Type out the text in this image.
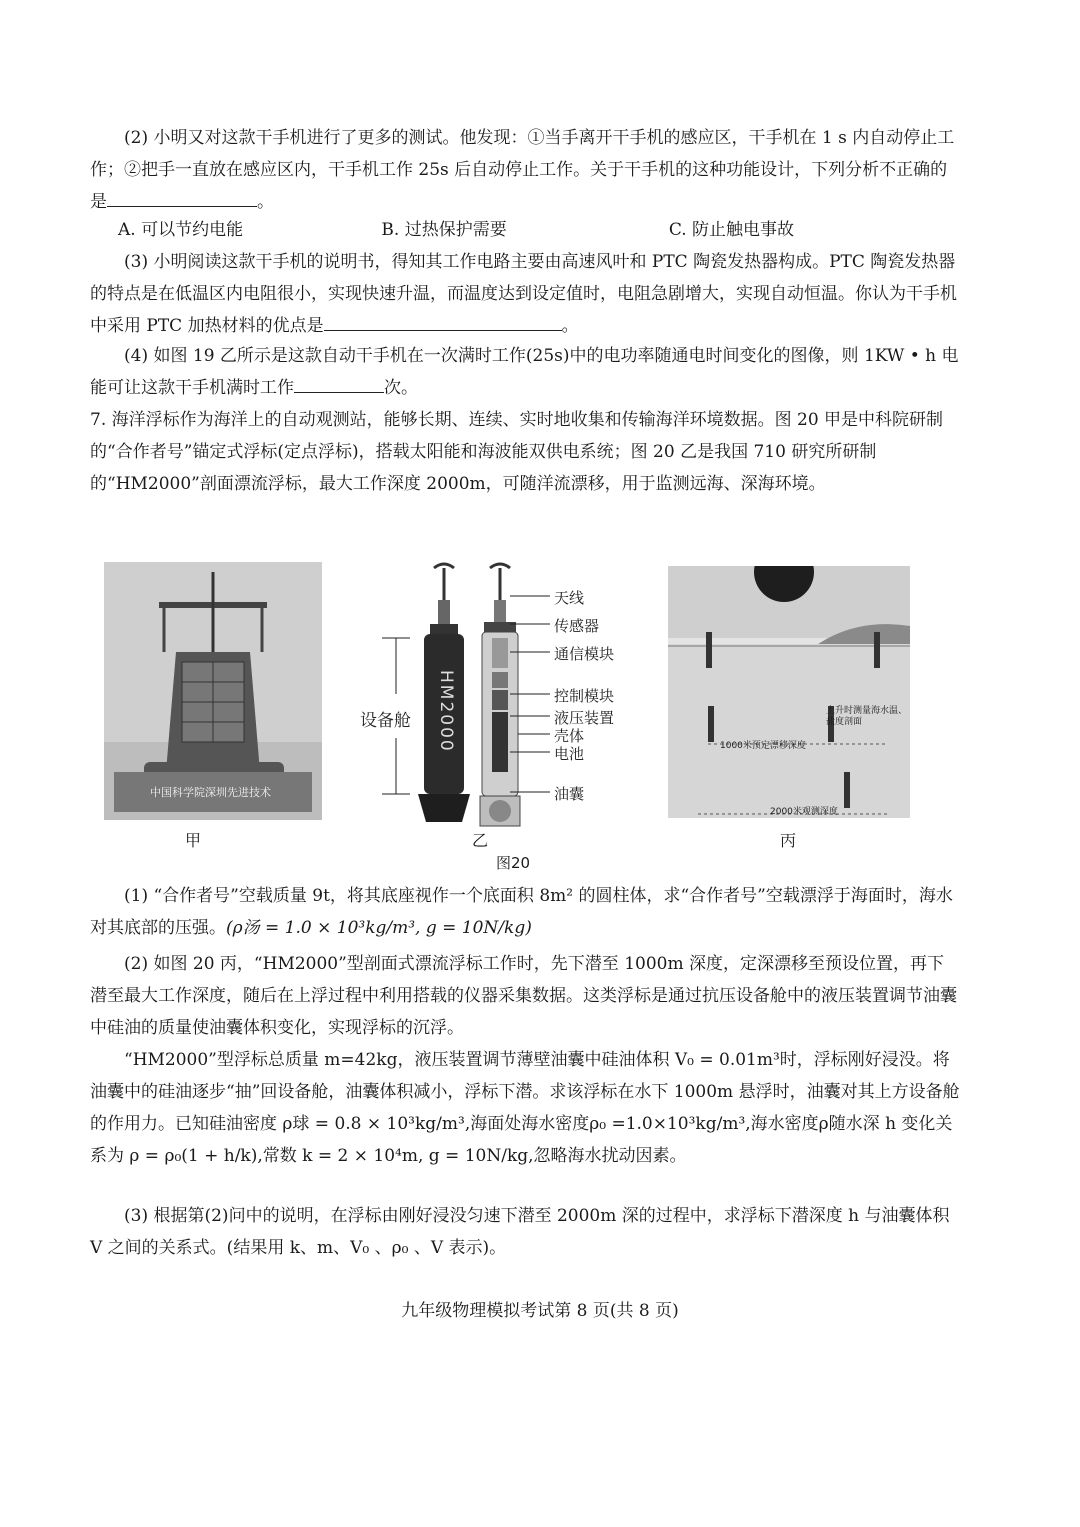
(2) 小明又对这款干手机进行了更多的测试。他发现：①当手离开干手机的感应区，干手机在 1 s 内自动停止工作；②把手一直放在感应区内，干手机工作 25s 后自动停止工作。关于干手机的这种功能设计，下列分析不正确的是	。

A. 可以节约电能	B. 过热保护需要	C. 防止触电事故

(3) 小明阅读这款干手机的说明书，得知其工作电路主要由高速风叶和 PTC 陶瓷发热器构成。PTC 陶瓷发热器的特点是在低温区内电阻很小，实现快速升温，而温度达到设定值时，电阻急剧增大，实现自动恒温。你认为干手机中采用 PTC 加热材料的优点是	。

(4) 如图 19 乙所示是这款自动干手机在一次满时工作(25s)中的电功率随通电时间变化的图像，则 1KW • h 电能可让这款干手机满时工作	次。

7. 海洋浮标作为海洋上的自动观测站，能够长期、连续、实时地收集和传输海洋环境数据。图 20 甲是中科院研制的“合作者号”锚定式浮标(定点浮标)，搭载太阳能和海波能双供电系统；图 20 乙是我国 710 研究所研制的“HM2000”剖面漂流浮标，最大工作深度 2000m，可随洋流漂移，用于监测远海、深海环境。

中国科学院深圳先进技术
甲
HM2000
设备舱
天线
传感器
通信模块
控制模块
液压装置
壳体
电池
油囊
乙
图20
上升时测量海水温、盐度剖面
1000米预定漂移深度
2000米观测深度
丙

(1) “合作者号”空载质量 9t，将其底座视作一个底面积 8m² 的圆柱体，求“合作者号”空载漂浮于海面时，海水对其底部的压强。(ρ汤 = 1.0 × 10³kg/m³, g = 10N/kg)

(2) 如图 20 丙，“HM2000”型剖面式漂流浮标工作时，先下潜至 1000m 深度，定深漂移至预设位置，再下潜至最大工作深度，随后在上浮过程中利用搭载的仪器采集数据。这类浮标是通过抗压设备舱中的液压装置调节油囊中硅油的质量使油囊体积变化，实现浮标的沉浮。

“HM2000”型浮标总质量 m=42kg，液压装置调节薄壁油囊中硅油体积 V₀ = 0.01m³时，浮标刚好浸没。将油囊中的硅油逐步“抽”回设备舱，油囊体积减小，浮标下潜。求该浮标在水下 1000m 悬浮时，油囊对其上方设备舱的作用力。已知硅油密度 ρ球 = 0.8 × 10³kg/m³,海面处海水密度ρ₀ =1.0×10³kg/m³,海水密度ρ随水深 h 变化关系为 ρ = ρ₀(1 + h/k),常数 k = 2 × 10⁴m, g = 10N/kg,忽略海水扰动因素。

(3) 根据第(2)问中的说明，在浮标由刚好浸没匀速下潜至 2000m 深的过程中，求浮标下潜深度 h 与油囊体积 V 之间的关系式。(结果用 k、m、V₀ 、ρ₀ 、V 表示)。

九年级物理模拟考试第 8 页(共 8 页)
